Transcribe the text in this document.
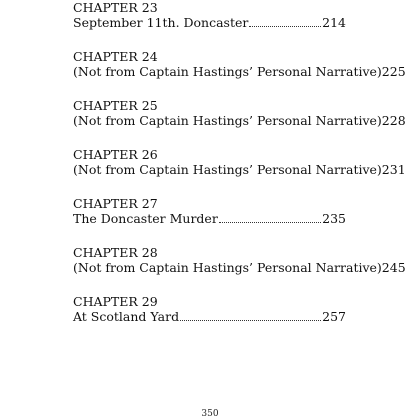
CHAPTER 23
September 11th. Doncaster	214
CHAPTER 24
(Not from Captain Hastings’ Personal Narrative) 225
CHAPTER 25
(Not from Captain Hastings’ Personal Narrative) 228
CHAPTER 26
(Not from Captain Hastings’ Personal Narrative) 231
CHAPTER 27
The Doncaster Murder	235
CHAPTER 28
(Not from Captain Hastings’ Personal Narrative) 245
CHAPTER 29
At Scotland Yard	257
350
